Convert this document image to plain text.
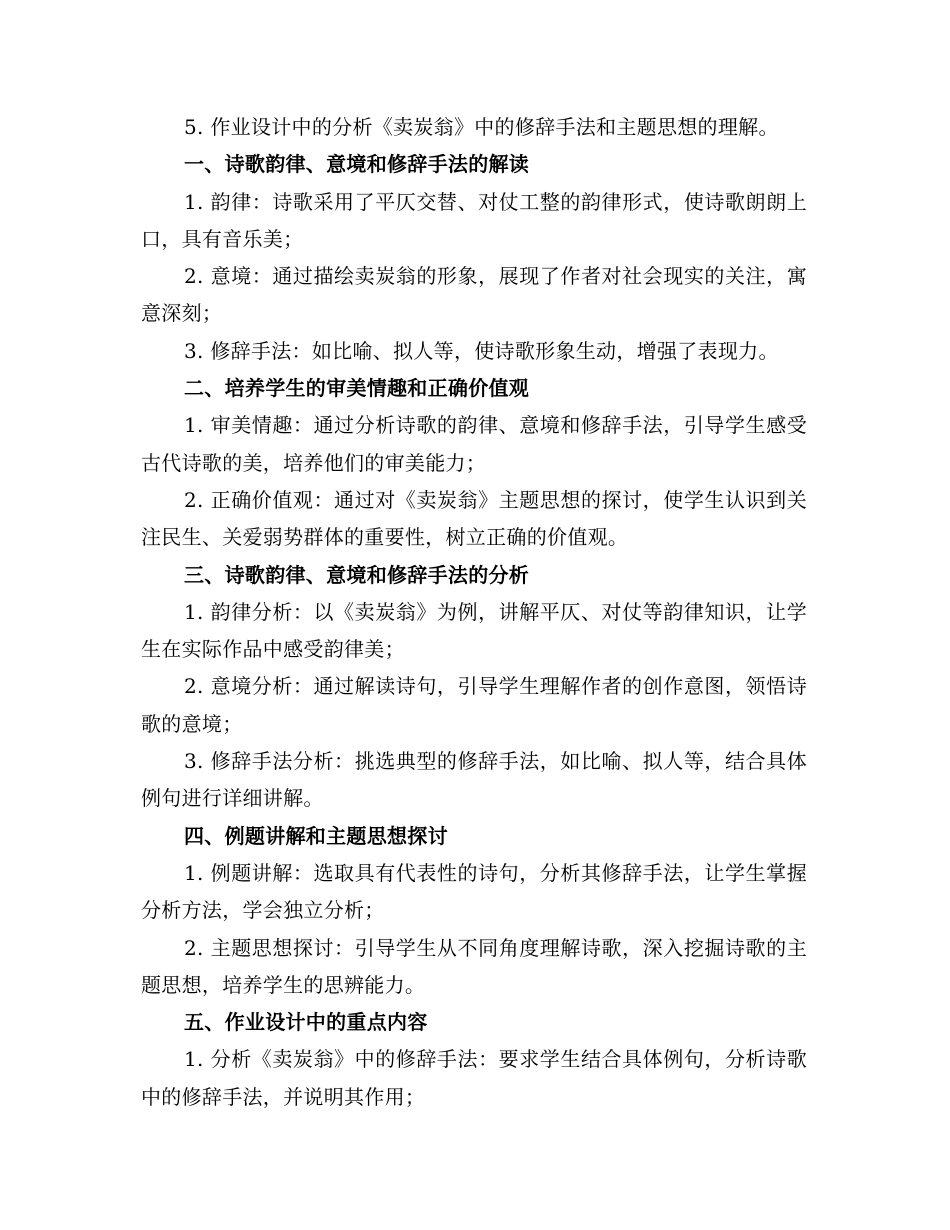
5. 作业设计中的分析《卖炭翁》中的修辞手法和主题思想的理解。

一、诗歌韵律、意境和修辞手法的解读

1. 韵律：诗歌采用了平仄交替、对仗工整的韵律形式，使诗歌朗朗上口，具有音乐美；

2. 意境：通过描绘卖炭翁的形象，展现了作者对社会现实的关注，寓意深刻；

3. 修辞手法：如比喻、拟人等，使诗歌形象生动，增强了表现力。

二、培养学生的审美情趣和正确价值观

1. 审美情趣：通过分析诗歌的韵律、意境和修辞手法，引导学生感受古代诗歌的美，培养他们的审美能力；

2. 正确价值观：通过对《卖炭翁》主题思想的探讨，使学生认识到关注民生、关爱弱势群体的重要性，树立正确的价值观。

三、诗歌韵律、意境和修辞手法的分析

1. 韵律分析：以《卖炭翁》为例，讲解平仄、对仗等韵律知识，让学生在实际作品中感受韵律美；

2. 意境分析：通过解读诗句，引导学生理解作者的创作意图，领悟诗歌的意境；

3. 修辞手法分析：挑选典型的修辞手法，如比喻、拟人等，结合具体例句进行详细讲解。

四、例题讲解和主题思想探讨

1. 例题讲解：选取具有代表性的诗句，分析其修辞手法，让学生掌握分析方法，学会独立分析；

2. 主题思想探讨：引导学生从不同角度理解诗歌，深入挖掘诗歌的主题思想，培养学生的思辨能力。

五、作业设计中的重点内容

1. 分析《卖炭翁》中的修辞手法：要求学生结合具体例句，分析诗歌中的修辞手法，并说明其作用；
